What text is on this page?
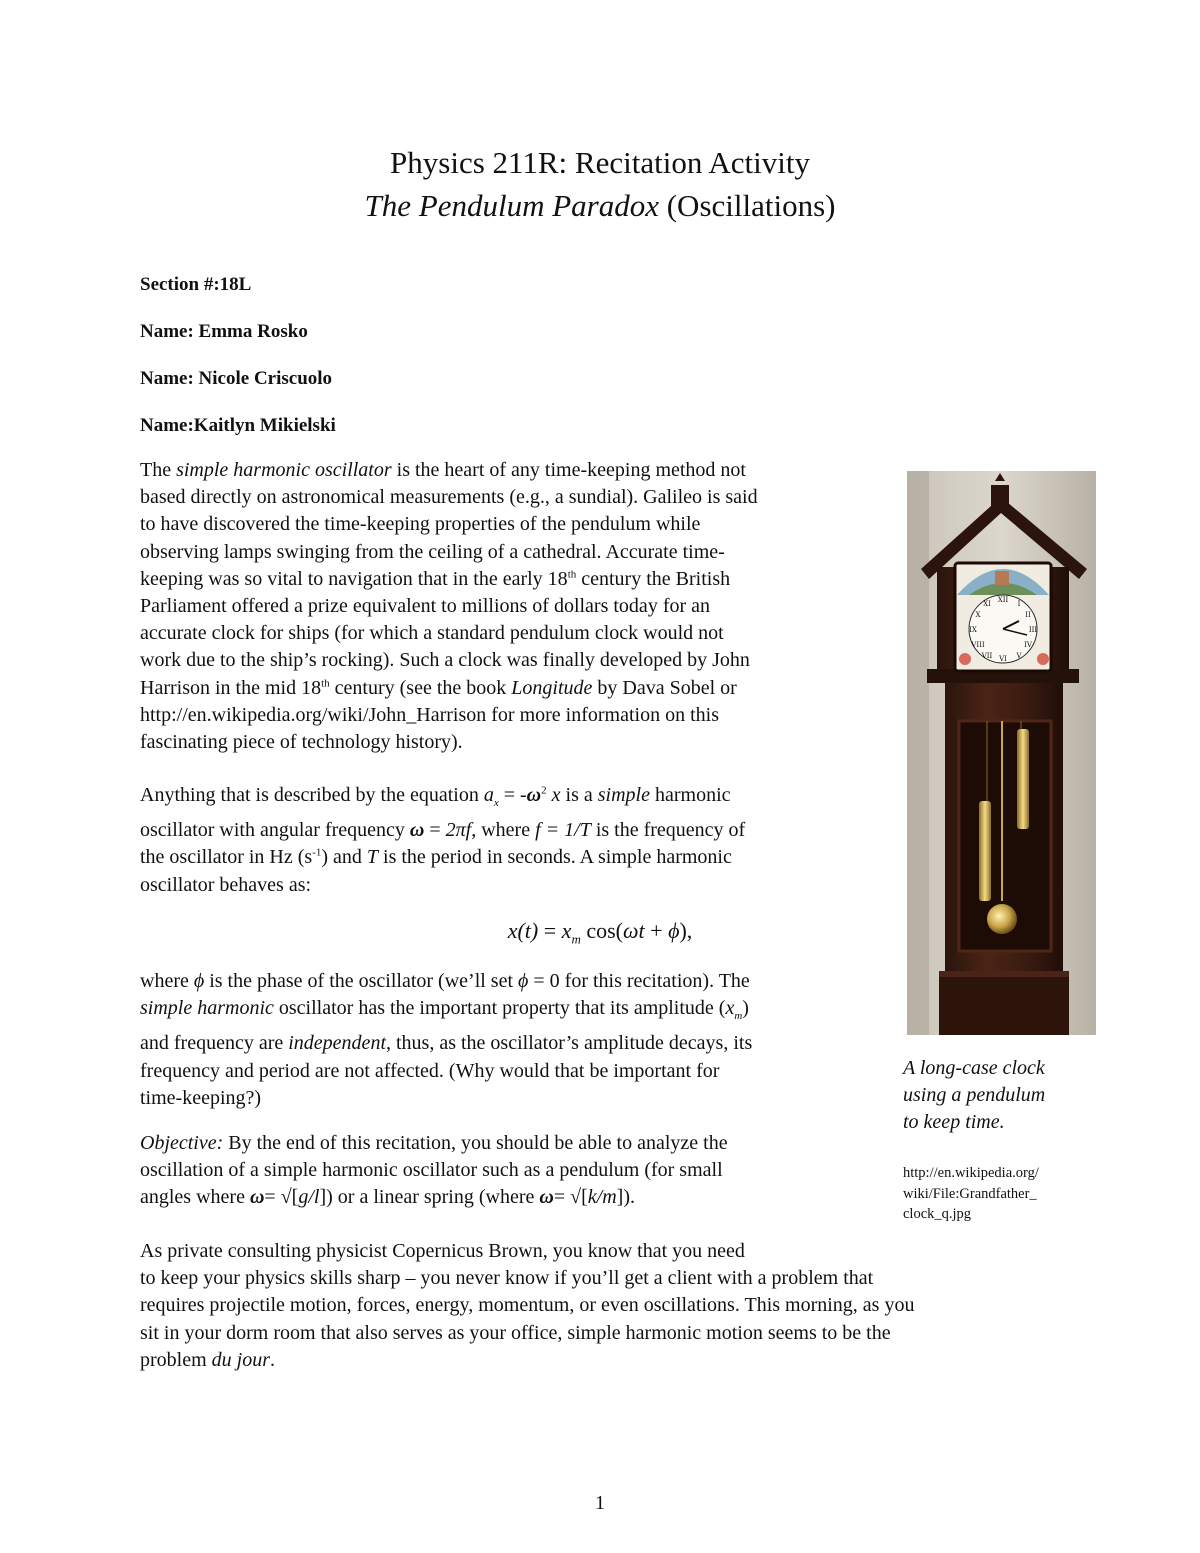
Physics 211R: Recitation Activity
The Pendulum Paradox (Oscillations)
Section #:18L
Name: Emma Rosko
Name: Nicole Criscuolo
Name:Kaitlyn Mikielski
The simple harmonic oscillator is the heart of any time-keeping method not
based directly on astronomical measurements (e.g., a sundial). Galileo is said
to have discovered the time-keeping properties of the pendulum while
observing lamps swinging from the ceiling of a cathedral. Accurate time-
keeping was so vital to navigation that in the early 18th century the British
Parliament offered a prize equivalent to millions of dollars today for an
accurate clock for ships (for which a standard pendulum clock would not
work due to the ship’s rocking). Such a clock was finally developed by John
Harrison in the mid 18th century (see the book Longitude by Dava Sobel or
http://en.wikipedia.org/wiki/John_Harrison for more information on this
fascinating piece of technology history).
Anything that is described by the equation $a_x = -\omega^2$ x is a simple harmonic
oscillator with angular frequency ω = 2πf, where f = 1/T is the frequency of
the oscillator in Hz $(s^{-1})$ and T is the period in seconds. A simple harmonic
oscillator behaves as:
$x(t) = x_m$ cos(ωt + ϕ),
where ϕ is the phase of the oscillator (we’ll set ϕ = 0 for this recitation). The
simple harmonic oscillator has the important property that its amplitude $(x_m)$
and frequency are independent, thus, as the oscillator’s amplitude decays, its
frequency and period are not affected. (Why would that be important for
time-keeping?)
Objective: By the end of this recitation, you should be able to analyze the
oscillation of a simple harmonic oscillator such as a pendulum (for small
angles where ω= √[g/l]) or a linear spring (where ω= √[k/m]).
As private consulting physicist Copernicus Brown, you know that you need
to keep your physics skills sharp – you never know if you’ll get a client with a problem that
requires projectile motion, forces, energy, momentum, or even oscillations. This morning, as you
sit in your dorm room that also serves as your office, simple harmonic motion seems to be the
problem du jour.
XII
VI
IX	III
I
II
IV
V
VII
VIII
X
XI
A long-case clock
using a pendulum
to keep time.
http://en.wikipedia.org/
wiki/File:Grandfather_
clock_q.jpg
1
